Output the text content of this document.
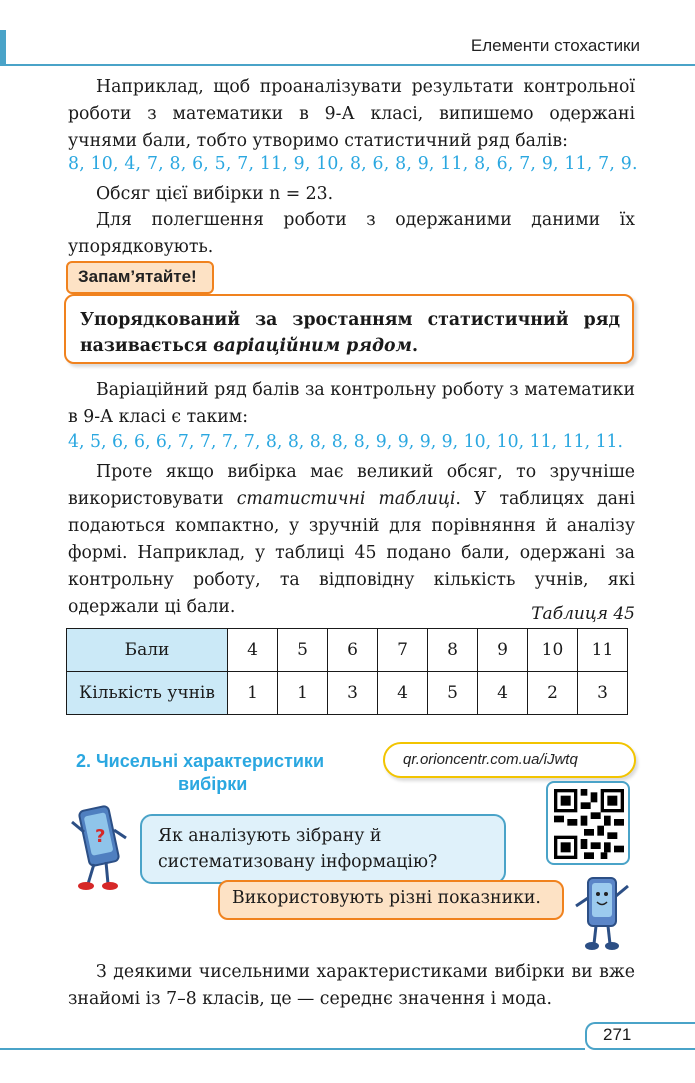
Елементи стохастики
Наприклад, щоб проаналізувати результати контрольної роботи з математики в 9-А класі, випишемо одержані учнями бали, тобто утворимо статистичний ряд балів:
8, 10, 4, 7, 8, 6, 5, 7, 11, 9, 10, 8, 6, 8, 9, 11, 8, 6, 7, 9, 11, 7, 9.
Обсяг цієї вибірки n = 23.
Для полегшення роботи з одержаними даними їх упорядковують.
Запам’ятайте!
Упорядкований за зростанням статистичний ряд називається варіаційним рядом.
Варіаційний ряд балів за контрольну роботу з математики в 9-А класі є таким:
4, 5, 6, 6, 6, 7, 7, 7, 7, 8, 8, 8, 8, 8, 9, 9, 9, 9, 10, 10, 11, 11, 11.
Проте якщо вибірка має великий обсяг, то зручніше використовувати статистичні таблиці. У таблицях дані подаються компактно, у зручній для порівняння й аналізу формі. Наприклад, у таблиці 45 подано бали, одержані за контрольну роботу, та відповідну кількість учнів, які одержали ці бали.	Таблиця 45
Бали	4	5	6	7	8	9	10	11
Кількість учнів	1	1	3	4	5	4	2	3
2. Чисельні характеристики
вибірки
qr.orioncentr.com.ua/iJwtq
?	Як аналізують зібрану й систематизовану інформацію?
Використовують різні показники.
З деякими чисельними характеристиками вибірки ви вже знайомі із 7–8 класів, це — середнє значення і мода.
271
